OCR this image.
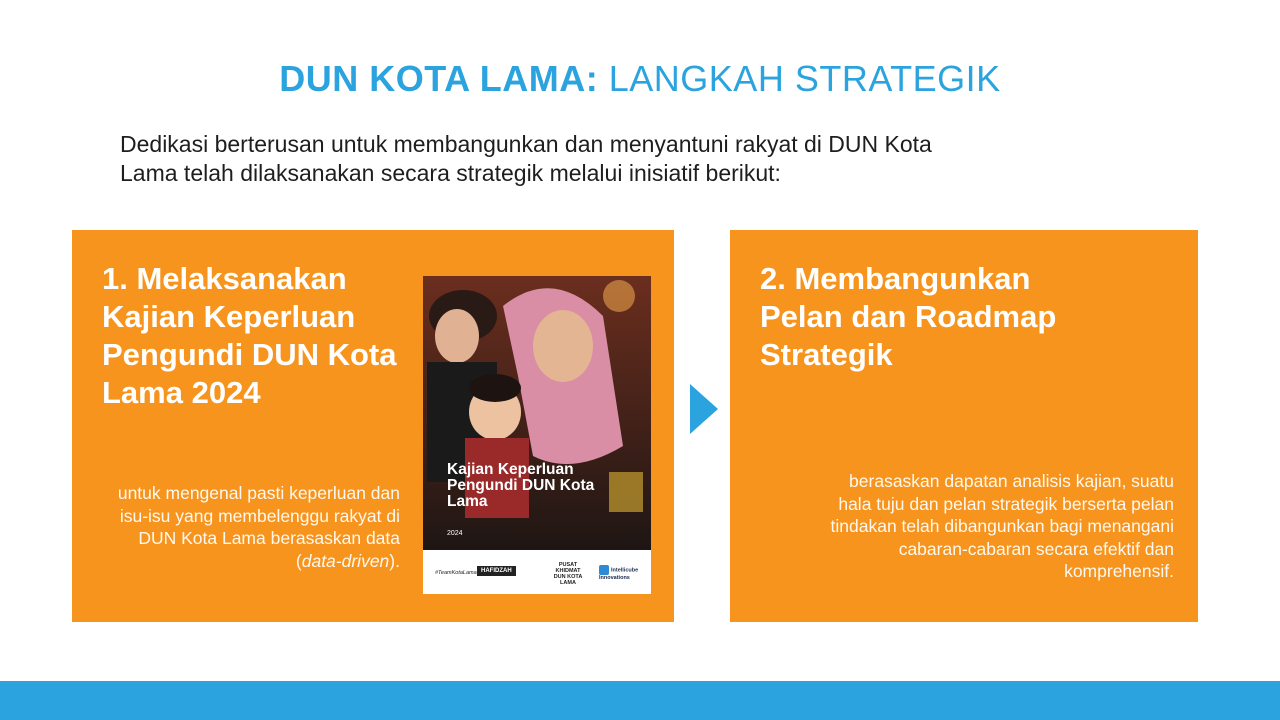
DUN KOTA LAMA: LANGKAH STRATEGIK
Dedikasi berterusan untuk membangunkan dan menyantuni rakyat di DUN Kota
Lama telah dilaksanakan secara strategik melalui inisiatif berikut:
1. Melaksanakan Kajian Keperluan Pengundi DUN Kota Lama 2024
untuk mengenal pasti keperluan dan isu-isu yang membelenggu rakyat di DUN Kota Lama berasaskan data (data-driven).
Kajian Keperluan Pengundi DUN Kota Lama
2024
#TeamKotaLama HAFIDZAH
PUSAT KHIDMAT DUN KOTA LAMA
Intellicube Innovations
2. Membangunkan Pelan dan Roadmap Strategik
berasaskan dapatan analisis kajian, suatu hala tuju dan pelan strategik berserta pelan tindakan telah dibangunkan bagi menangani cabaran-cabaran secara efektif dan komprehensif.
